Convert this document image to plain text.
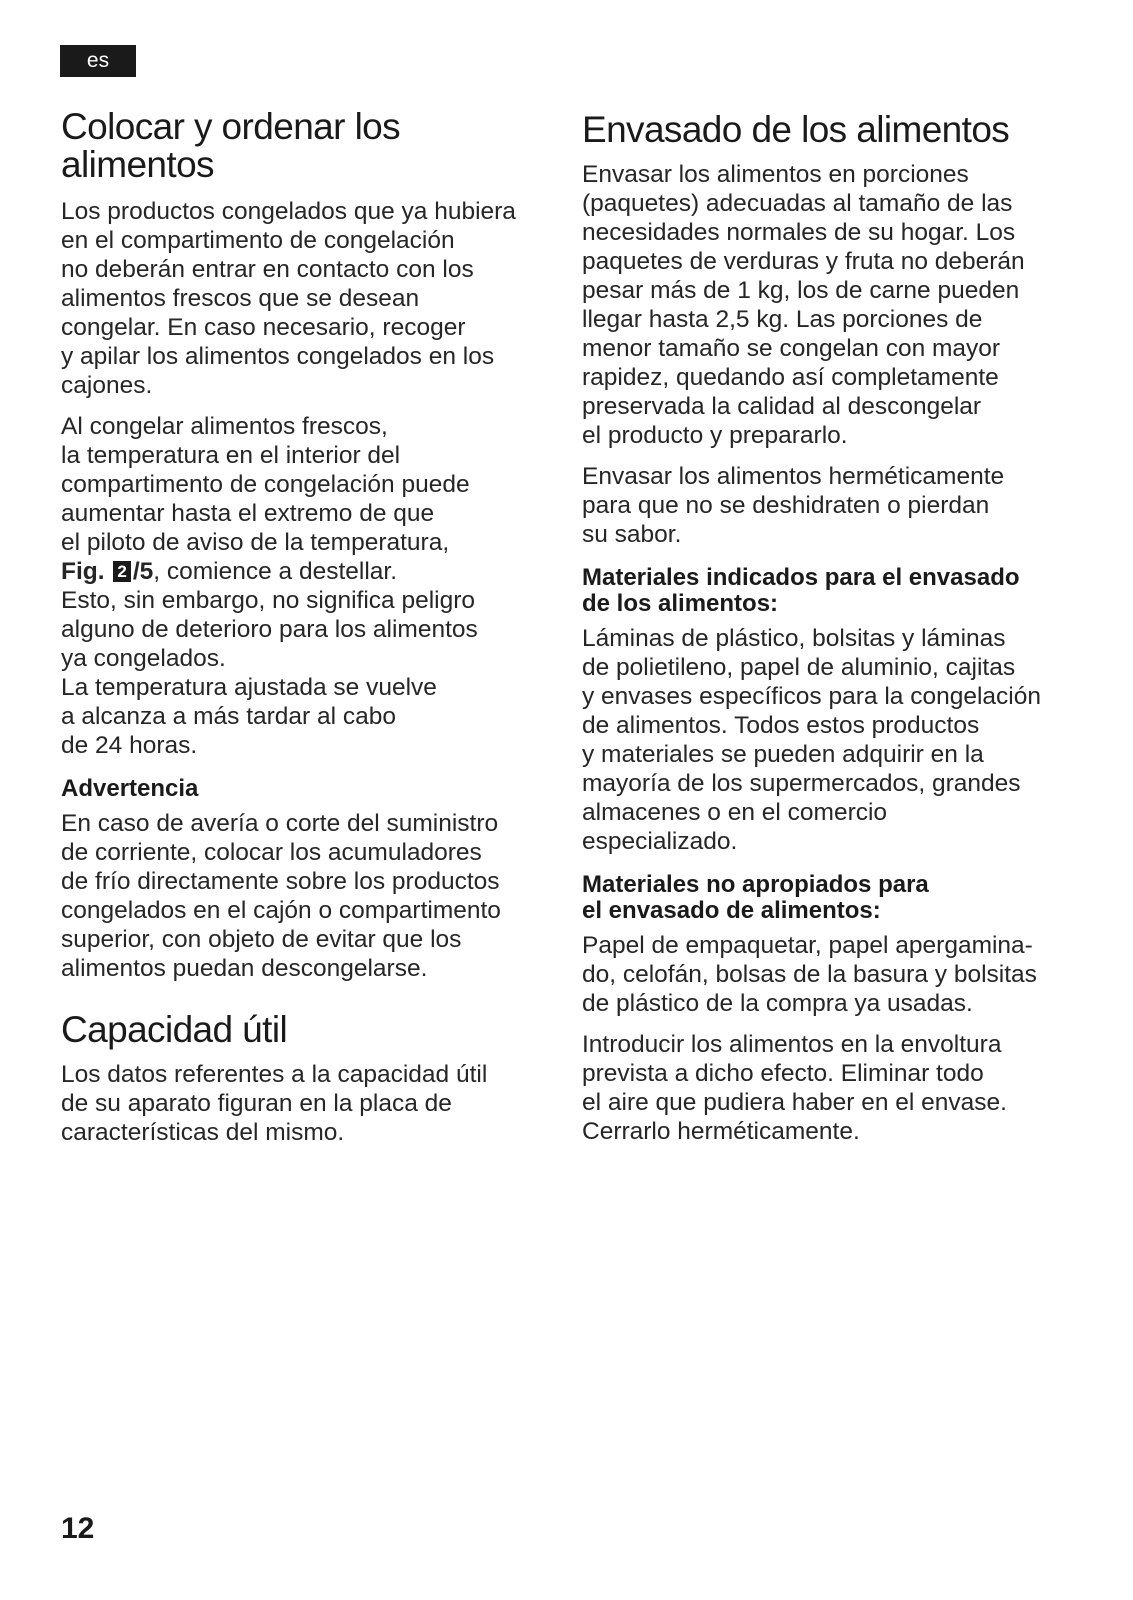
es
Colocar y ordenar los
alimentos

Los productos congelados que ya hubiera
en el compartimento de congelación
no deberán entrar en contacto con los
alimentos frescos que se desean
congelar. En caso necesario, recoger
y apilar los alimentos congelados en los
cajones.

Al congelar alimentos frescos,
la temperatura en el interior del
compartimento de congelación puede
aumentar hasta el extremo de que
el piloto de aviso de la temperatura,
Fig. 2 /5, comience a destellar.
Esto, sin embargo, no significa peligro
alguno de deterioro para los alimentos
ya congelados.
La temperatura ajustada se vuelve
a alcanza a más tardar al cabo
de 24 horas.

Advertencia

En caso de avería o corte del suministro
de corriente, colocar los acumuladores
de frío directamente sobre los productos
congelados en el cajón o compartimento
superior, con objeto de evitar que los
alimentos puedan descongelarse.

Capacidad útil

Los datos referentes a la capacidad útil
de su aparato figuran en la placa de
características del mismo.

Envasado de los alimentos

Envasar los alimentos en porciones
(paquetes) adecuadas al tamaño de las
necesidades normales de su hogar. Los
paquetes de verduras y fruta no deberán
pesar más de 1 kg, los de carne pueden
llegar hasta 2,5 kg. Las porciones de
menor tamaño se congelan con mayor
rapidez, quedando así completamente
preservada la calidad al descongelar
el producto y prepararlo.

Envasar los alimentos herméticamente
para que no se deshidraten o pierdan
su sabor.

Materiales indicados para el envasado
de los alimentos:

Láminas de plástico, bolsitas y láminas
de polietileno, papel de aluminio, cajitas
y envases específicos para la congelación
de alimentos. Todos estos productos
y materiales se pueden adquirir en la
mayoría de los supermercados, grandes
almacenes o en el comercio
especializado.

Materiales no apropiados para
el envasado de alimentos:

Papel de empaquetar, papel apergamina-
do, celofán, bolsas de la basura y bolsitas
de plástico de la compra ya usadas.

Introducir los alimentos en la envoltura
prevista a dicho efecto. Eliminar todo
el aire que pudiera haber en el envase.
Cerrarlo herméticamente.

12
